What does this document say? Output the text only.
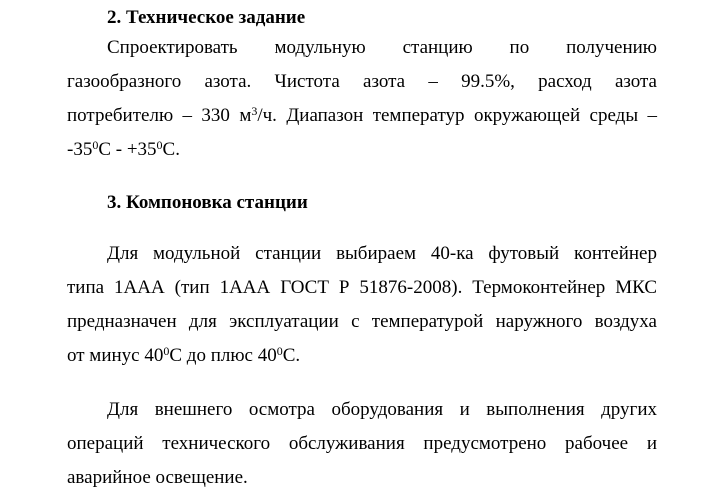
2. Техническое задание
Спроектировать модульную станцию по получению
газообразного азота. Чистота азота – 99.5%, расход азота
потребителю – 330 $м^3/ч$. Диапазон температур окружающей среды –
$-35^0С - +35^0С$.
3. Компоновка станции
Для модульной станции выбираем 40-ка футовый контейнер
типа 1ААА (тип 1ААА ГОСТ Р 51876-2008). Термоконтейнер МКС
предназначен для эксплуатации с температурой наружного воздуха
от минус $40^0С$ до плюс $40^0С$.
Для внешнего осмотра оборудования и выполнения других
операций технического обслуживания предусмотрено рабочее и
аварийное освещение.
